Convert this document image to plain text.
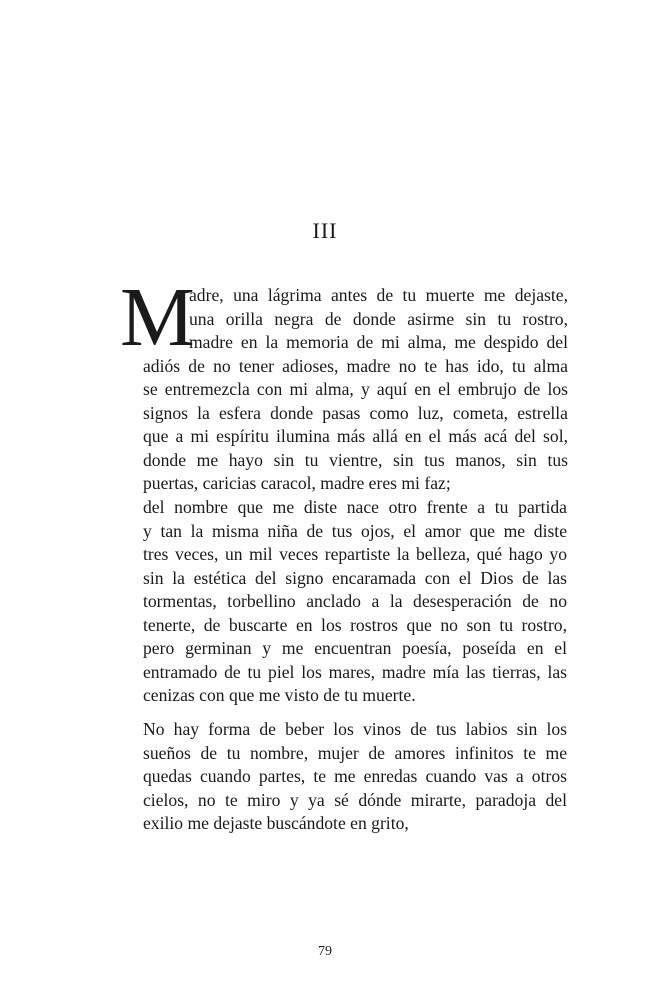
III
M
adre, una lágrima antes de tu muerte me dejaste,
una orilla negra de donde asirme sin tu rostro,
madre en la memoria de mi alma, me despido del
adiós de no tener adioses, madre no te has ido, tu alma
se entremezcla con mi alma, y aquí en el embrujo de los
signos la esfera donde pasas como luz, cometa, estrella
que a mi espíritu ilumina más allá en el más acá del sol,
donde me hayo sin tu vientre, sin tus manos, sin tus
puertas, caricias caracol, madre eres mi faz;
del nombre que me diste nace otro frente a tu partida
y tan la misma niña de tus ojos, el amor que me diste
tres veces, un mil veces repartiste la belleza, qué hago yo
sin la estética del signo encaramada con el Dios de las
tormentas, torbellino anclado a la desesperación de no
tenerte, de buscarte en los rostros que no son tu rostro,
pero germinan y me encuentran poesía, poseída en el
entramado de tu piel los mares, madre mía las tierras, las
cenizas con que me visto de tu muerte.
No hay forma de beber los vinos de tus labios sin los
sueños de tu nombre, mujer de amores infinitos te me
quedas cuando partes, te me enredas cuando vas a otros
cielos, no te miro y ya sé dónde mirarte, paradoja del
exilio me dejaste buscándote en grito,
79
